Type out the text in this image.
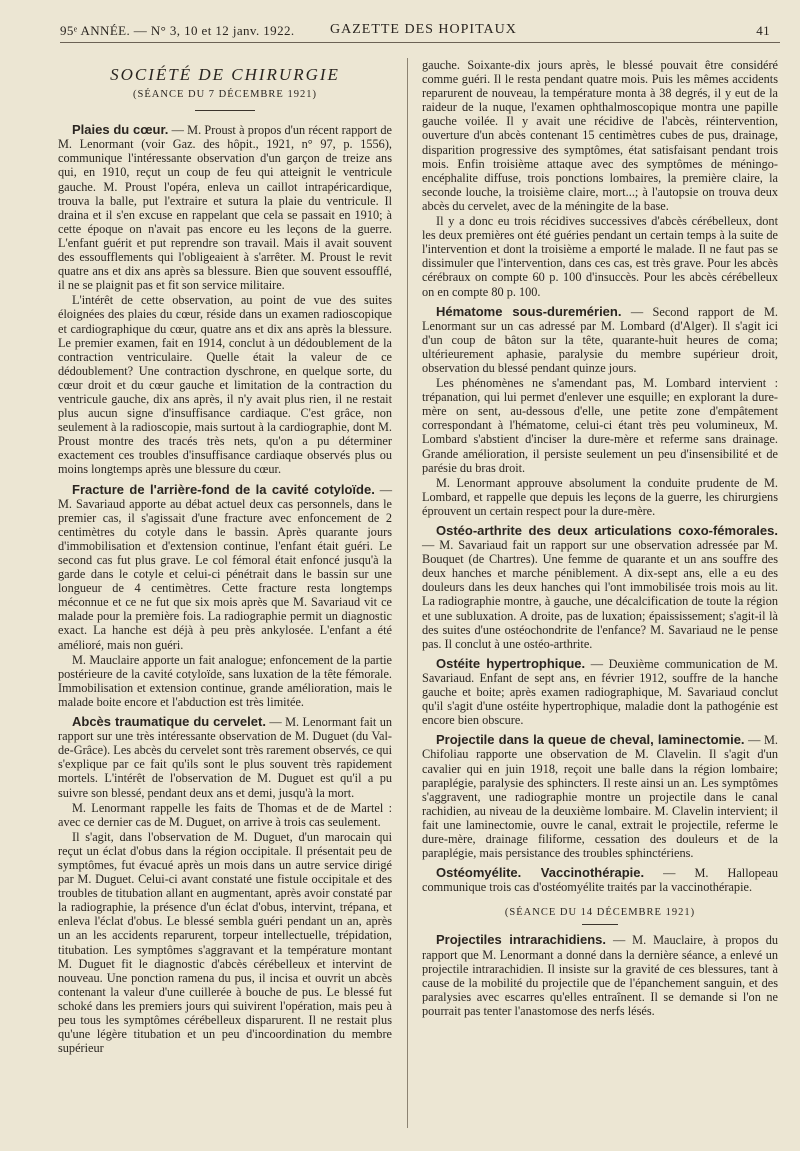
95ᵉ ANNÉE. — N° 3, 10 et 12 janv. 1922.	GAZETTE DES HOPITAUX	41
SOCIÉTÉ DE CHIRURGIE
(SÉANCE DU 7 DÉCEMBRE 1921)

Plaies du cœur. — M. Proust à propos d'un récent rapport de M. Lenormant (voir Gaz. des hôpit., 1921, n° 97, p. 1556), communique l'intéressante observation d'un garçon de treize ans qui, en 1910, reçut un coup de feu qui atteignit le ventricule gauche. M. Proust l'opéra, enleva un caillot intrapéricardique, trouva la balle, put l'extraire et sutura la plaie du ventricule. Il draina et il s'en excuse en rappelant que cela se passait en 1910; à cette époque on n'avait pas encore eu les leçons de la guerre. L'enfant guérit et put reprendre son travail. Mais il avait souvent des essoufflements qui l'obligeaient à s'arrêter. M. Proust le revit quatre ans et dix ans après sa blessure. Bien que souvent essoufflé, il ne se plaignit pas et fit son service militaire.

L'intérêt de cette observation, au point de vue des suites éloignées des plaies du cœur, réside dans un examen radioscopique et cardiographique du cœur, quatre ans et dix ans après la blessure. Le premier examen, fait en 1914, conclut à un dédoublement de la contraction ventriculaire. Quelle était la valeur de ce dédoublement? Une contraction dyschrone, en quelque sorte, du cœur droit et du cœur gauche et limitation de la contraction du ventricule gauche, dix ans après, il n'y avait plus rien, il ne restait plus aucun signe d'insuffisance cardiaque. C'est grâce, non seulement à la radioscopie, mais surtout à la cardiographie, dont M. Proust montre des tracés très nets, qu'on a pu déterminer exactement ces troubles d'insuffisance cardiaque observés plus ou moins longtemps après une blessure du cœur.

Fracture de l'arrière-fond de la cavité cotyloïde. — M. Savariaud apporte au débat actuel deux cas personnels, dans le premier cas, il s'agissait d'une fracture avec enfoncement de 2 centimètres du cotyle dans le bassin. Après quarante jours d'immobilisation et d'extension continue, l'enfant était guéri. Le second cas fut plus grave. Le col fémoral était enfoncé jusqu'à la garde dans le cotyle et celui-ci pénétrait dans le bassin sur une longueur de 4 centimètres. Cette fracture resta longtemps méconnue et ce ne fut que six mois après que M. Savariaud vit ce malade pour la première fois. La radiographie permit un diagnostic exact. La hanche est déjà à peu près ankylosée. L'enfant a été amélioré, mais non guéri.

M. Mauclaire apporte un fait analogue; enfoncement de la partie postérieure de la cavité cotyloïde, sans luxation de la tête fémorale. Immobilisation et extension continue, grande amélioration, mais le malade boite encore et l'abduction est très limitée.

Abcès traumatique du cervelet. — M. Lenormant fait un rapport sur une très intéressante observation de M. Duguet (du Val-de-Grâce). Les abcès du cervelet sont très rarement observés, ce qui s'explique par ce fait qu'ils sont le plus souvent très rapidement mortels. L'intérêt de l'observation de M. Duguet est qu'il a pu suivre son blessé, pendant deux ans et demi, jusqu'à la mort.

M. Lenormant rappelle les faits de Thomas et de de Martel : avec ce dernier cas de M. Duguet, on arrive à trois cas seulement.

Il s'agit, dans l'observation de M. Duguet, d'un marocain qui reçut un éclat d'obus dans la région occipitale. Il présentait peu de symptômes, fut évacué après un mois dans un autre service dirigé par M. Duguet. Celui-ci avant constaté une fistule occipitale et des troubles de titubation allant en augmentant, après avoir constaté par la radiographie, la présence d'un éclat d'obus, intervint, trépana, et enleva l'éclat d'obus. Le blessé sembla guéri pendant un an, après un an les accidents reparurent, torpeur intellectuelle, trépidation, titubation. Les symptômes s'aggravant et la température montant M. Duguet fit le diagnostic d'abcès cérébelleux et intervint de nouveau. Une ponction ramena du pus, il incisa et ouvrit un abcès contenant la valeur d'une cuillerée à bouche de pus. Le blessé fut schoké dans les premiers jours qui suivirent l'opération, mais peu à peu tous les symptômes cérébelleux disparurent. Il ne restait plus qu'une légère titubation et un peu d'incoordination du membre supérieur

gauche. Soixante-dix jours après, le blessé pouvait être considéré comme guéri. Il le resta pendant quatre mois. Puis les mêmes accidents reparurent de nouveau, la température monta à 38 degrés, il y eut de la raideur de la nuque, l'examen ophthalmoscopique montra une papille gauche voilée. Il y avait une récidive de l'abcès, réintervention, ouverture d'un abcès contenant 15 centimètres cubes de pus, drainage, disparition progressive des symptômes, état satisfaisant pendant trois mois. Enfin troisième attaque avec des symptômes de méningo-encéphalite diffuse, trois ponctions lombaires, la première claire, la seconde louche, la troisième claire, mort...; à l'autopsie on trouva deux abcès du cervelet, avec de la méningite de la base.

Il y a donc eu trois récidives successives d'abcès cérébelleux, dont les deux premières ont été guéries pendant un certain temps à la suite de l'intervention et dont la troisième a emporté le malade. Il ne faut pas se dissimuler que l'intervention, dans ces cas, est très grave. Pour les abcès cérébraux on compte 60 p. 100 d'insuccès. Pour les abcès cérébelleux on en compte 80 p. 100.

Hématome sous-duremérien. — Second rapport de M. Lenormant sur un cas adressé par M. Lombard (d'Alger). Il s'agit ici d'un coup de bâton sur la tête, quarante-huit heures de coma; ultérieurement aphasie, paralysie du membre supérieur droit, observation du blessé pendant quinze jours.

Les phénomènes ne s'amendant pas, M. Lombard intervient : trépanation, qui lui permet d'enlever une esquille; en explorant la dure-mère on sent, au-dessous d'elle, une petite zone d'empâtement correspondant à l'hématome, celui-ci étant très peu volumineux, M. Lombard s'abstient d'inciser la dure-mère et referme sans drainage. Grande amélioration, il persiste seulement un peu d'insensibilité et de parésie du bras droit.

M. Lenormant approuve absolument la conduite prudente de M. Lombard, et rappelle que depuis les leçons de la guerre, les chirurgiens éprouvent un certain respect pour la dure-mère.

Ostéo-arthrite des deux articulations coxo-fémorales. — M. Savariaud fait un rapport sur une observation adressée par M. Bouquet (de Chartres). Une femme de quarante et un ans souffre des deux hanches et marche péniblement. A dix-sept ans, elle a eu des douleurs dans les deux hanches qui l'ont immobilisée trois mois au lit. La radiographie montre, à gauche, une décalcification de toute la région et une subluxation. A droite, pas de luxation; épaississement; s'agit-il là des suites d'une ostéochondrite de l'enfance? M. Savariaud ne le pense pas. Il conclut à une ostéo-arthrite.

Ostéite hypertrophique. — Deuxième communication de M. Savariaud. Enfant de sept ans, en février 1912, souffre de la hanche gauche et boite; après examen radiographique, M. Savariaud conclut qu'il s'agit d'une ostéite hypertrophique, maladie dont la pathogénie est encore bien obscure.

Projectile dans la queue de cheval, laminectomie. — M. Chifoliau rapporte une observation de M. Clavelin. Il s'agit d'un cavalier qui en juin 1918, reçoit une balle dans la région lombaire; paraplégie, paralysie des sphincters. Il reste ainsi un an. Les symptômes s'aggravent, une radiographie montre un projectile dans le canal rachidien, au niveau de la deuxième lombaire. M. Clavelin intervient; il fait une laminectomie, ouvre le canal, extrait le projectile, referme le dure-mère, drainage filiforme, cessation des douleurs et de la paraplégie, mais persistance des troubles sphinctériens.

Ostéomyélite. Vaccinothérapie. — M. Hallopeau communique trois cas d'ostéomyélite traités par la vaccinothérapie.

(SÉANCE DU 14 DÉCEMBRE 1921)

Projectiles intrarachidiens. — M. Mauclaire, à propos du rapport que M. Lenormant a donné dans la dernière séance, a enlevé un projectile intrarachidien. Il insiste sur la gravité de ces blessures, tant à cause de la mobilité du projectile que de l'épanchement sanguin, et des paralysies avec escarres qu'elles entraînent. Il se demande si l'on ne pourrait pas tenter l'anastomose des nerfs lésés.
